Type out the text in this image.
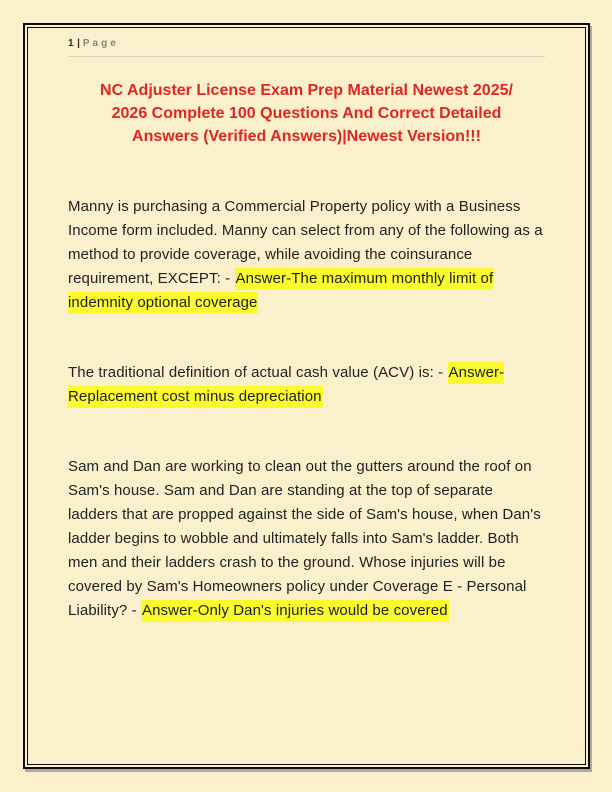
1 | Page
NC Adjuster License Exam Prep Material Newest 2025/
2026 Complete 100 Questions And Correct Detailed
Answers (Verified Answers)|Newest Version!!!

Manny is purchasing a Commercial Property policy with a Business Income form included. Manny can select from any of the following as a method to provide coverage, while avoiding the coinsurance requirement, EXCEPT: - Answer-The maximum monthly limit of indemnity optional coverage

The traditional definition of actual cash value (ACV) is: - Answer-Replacement cost minus depreciation

Sam and Dan are working to clean out the gutters around the roof on Sam's house. Sam and Dan are standing at the top of separate ladders that are propped against the side of Sam's house, when Dan's ladder begins to wobble and ultimately falls into Sam's ladder. Both men and their ladders crash to the ground. Whose injuries will be covered by Sam's Homeowners policy under Coverage E - Personal Liability? - Answer-Only Dan's injuries would be covered
